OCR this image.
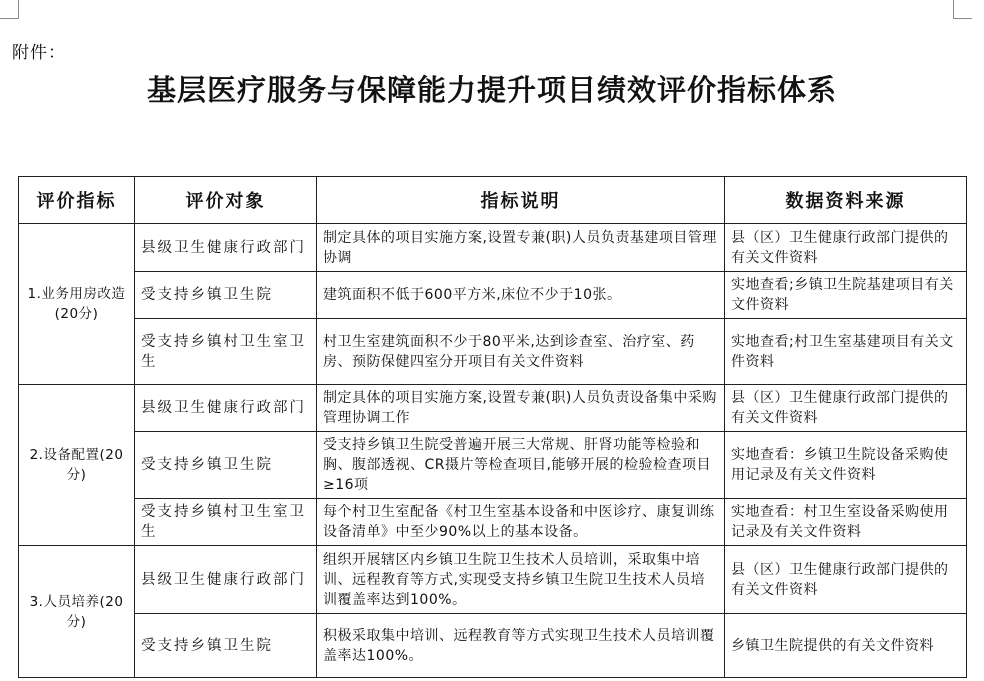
附件：
基层医疗服务与保障能力提升项目绩效评价指标体系
评价指标	评价对象	指标说明	数据资料来源
1.业务用房改造(20分)	县级卫生健康行政部门	制定具体的项目实施方案,设置专兼(职)人员负责基建项目管理协调	县（区）卫生健康行政部门提供的有关文件资料
	受支持乡镇卫生院	建筑面积不低于600平方米,床位不少于10张。	实地查看;乡镇卫生院基建项目有关文件资料
	受支持乡镇村卫生室卫生	村卫生室建筑面积不少于80平米,达到诊查室、治疗室、药房、预防保健四室分开项目有关文件资料	实地查看;村卫生室基建项目有关文件资料
2.设备配置(20分)	县级卫生健康行政部门	制定具体的项目实施方案,设置专兼(职)人员负责设备集中采购管理协调工作	县（区）卫生健康行政部门提供的有关文件资料
	受支持乡镇卫生院	受支持乡镇卫生院受普遍开展三大常规、肝肾功能等检验和胸、腹部透视、CR摄片等检查项目,能够开展的检验检查项目≥16项	实地查看：乡镇卫生院设备采购使用记录及有关文件资料
	受支持乡镇村卫生室卫生	每个村卫生室配备《村卫生室基本设备和中医诊疗、康复训练设备清单》中至少90%以上的基本设备。	实地查看：村卫生室设备采购使用记录及有关文件资料
3.人员培养(20分)	县级卫生健康行政部门	组织开展辖区内乡镇卫生院卫生技术人员培训，采取集中培训、远程教育等方式,实现受支持乡镇卫生院卫生技术人员培训覆盖率达到100%。	县（区）卫生健康行政部门提供的有关文件资料
	受支持乡镇卫生院	积极采取集中培训、远程教育等方式实现卫生技术人员培训覆盖率达100%。	乡镇卫生院提供的有关文件资料
